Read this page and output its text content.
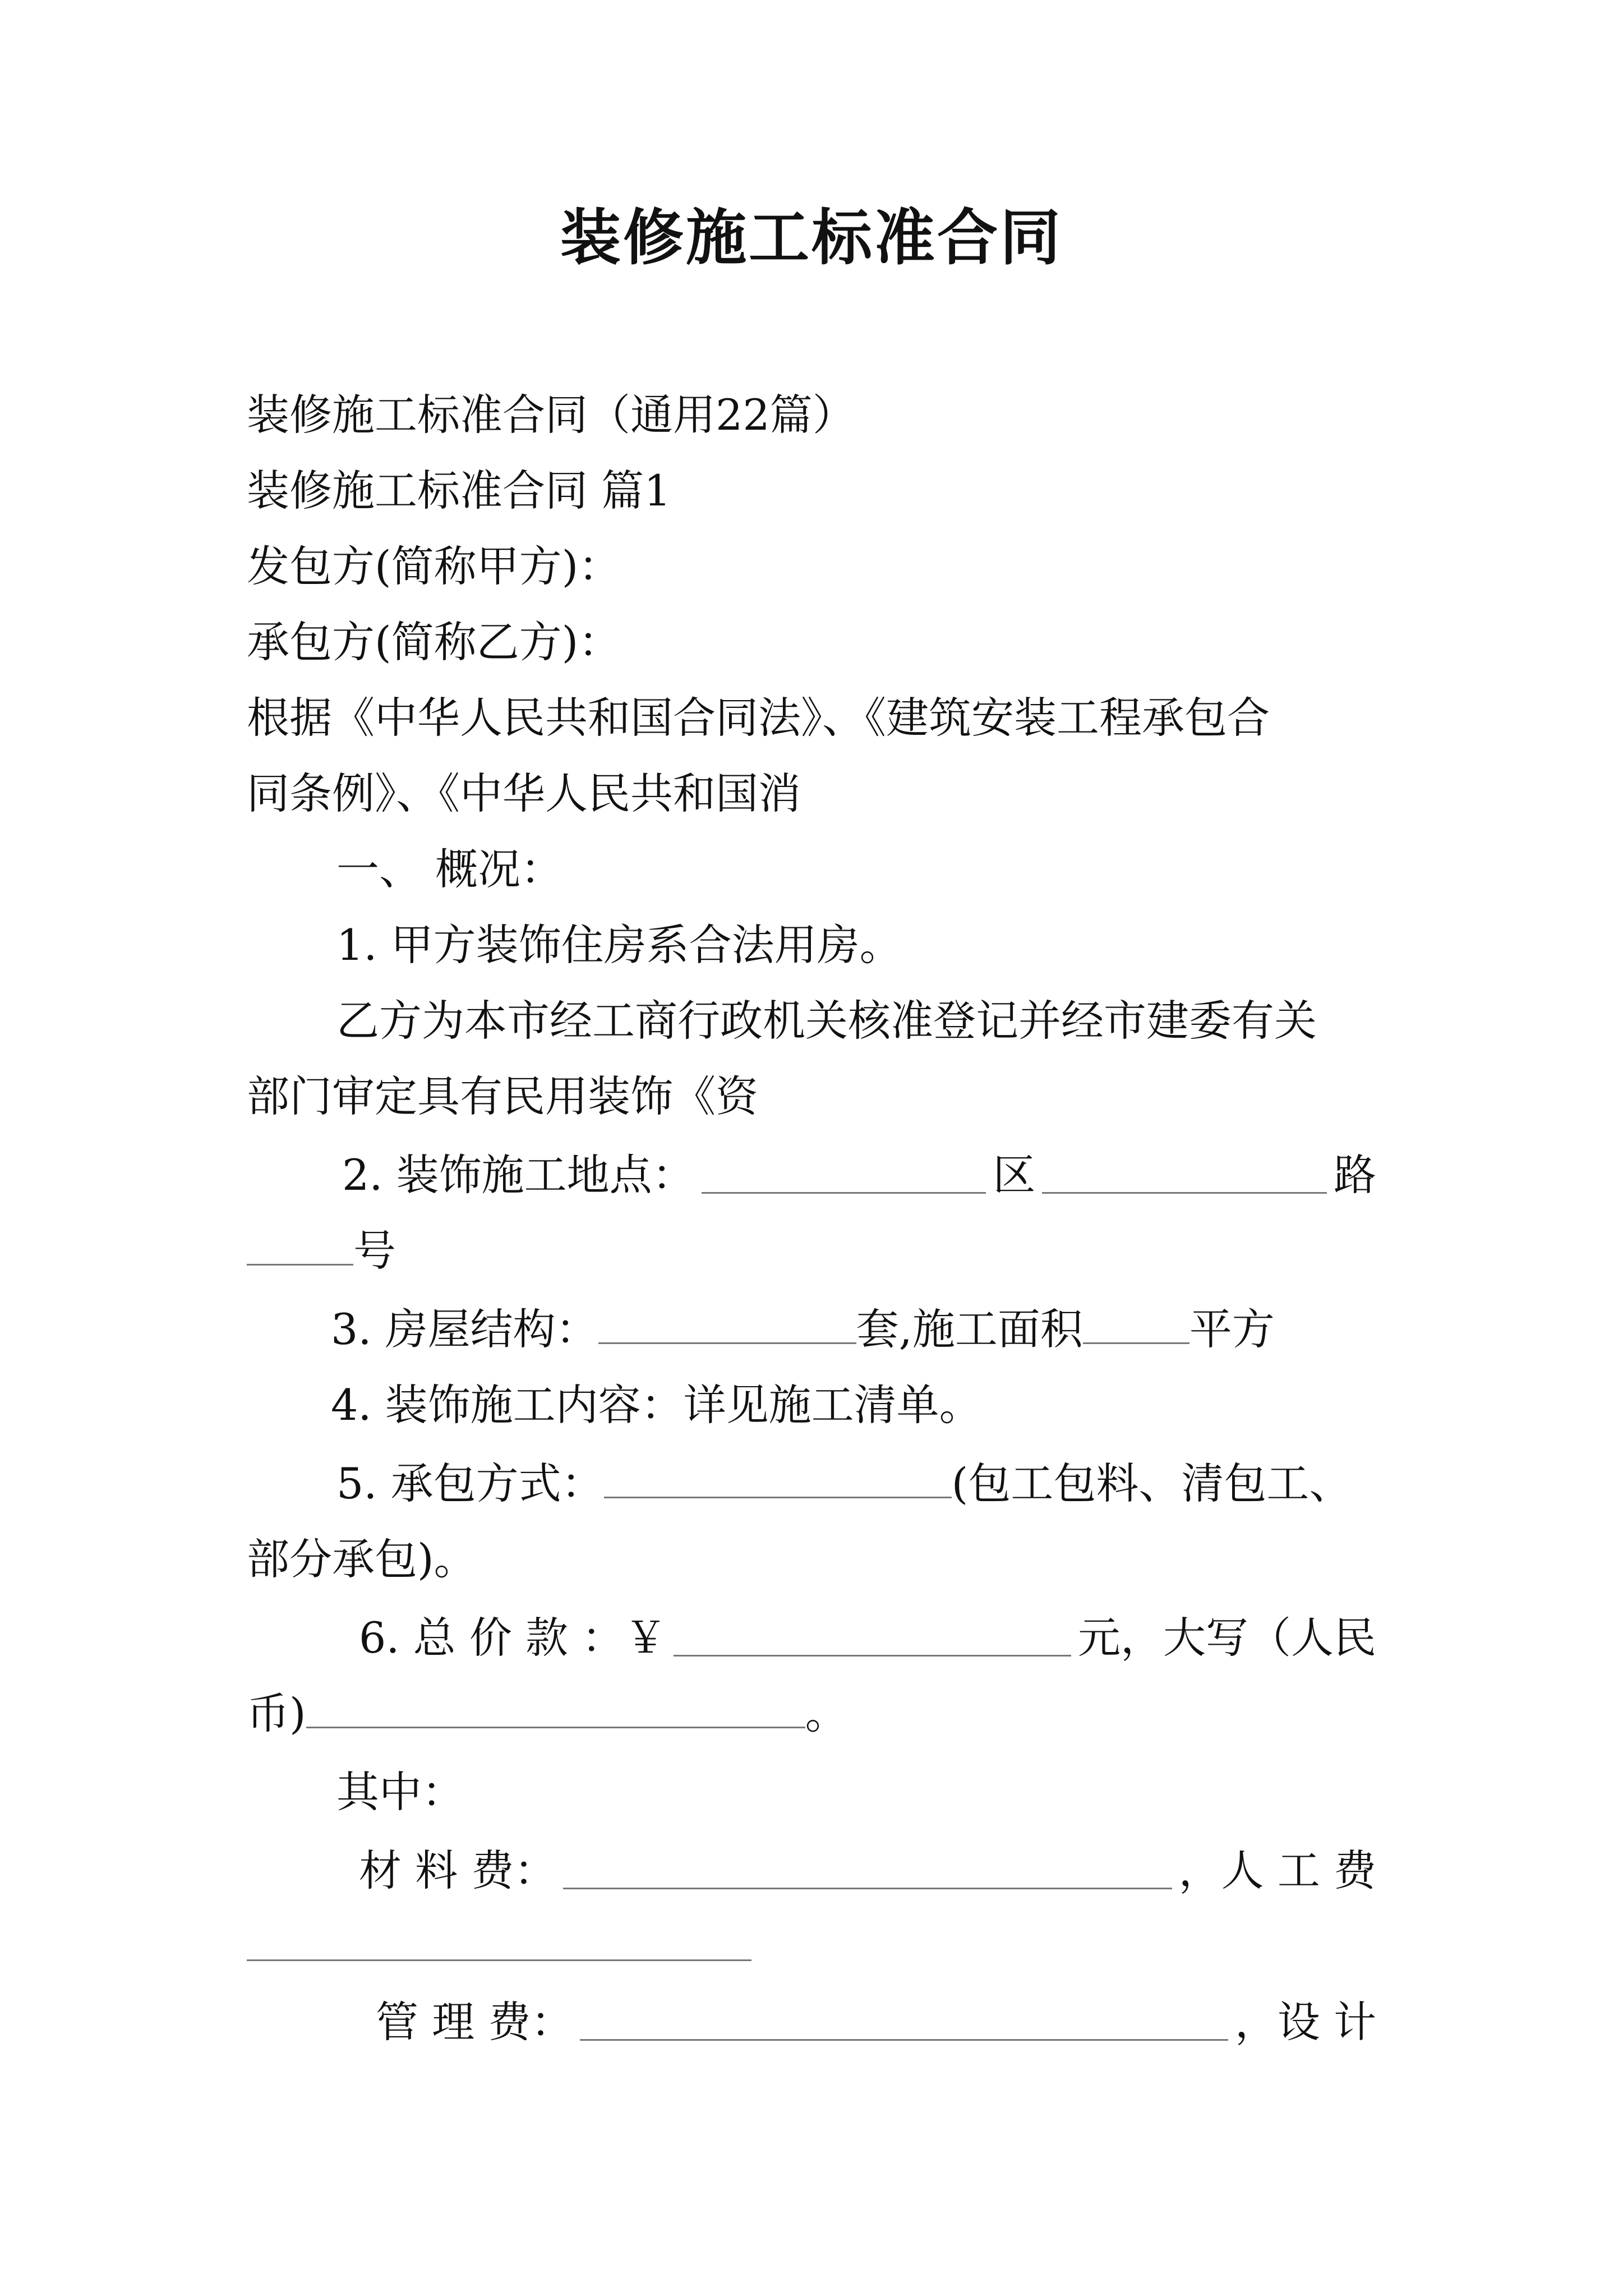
装修施工标准合同
装修施工标准合同（通用22篇）
装修施工标准合同 篇1
发包方(简称甲方)：
承包方(简称乙方)：
根据《中华人民共和国合同法》、《建筑安装工程承包合
同条例》、《中华人民共和国消
一、 概况：
1. 甲方装饰住房系合法用房。
乙方为本市经工商行政机关核准登记并经市建委有关
部门审定具有民用装饰《资
2. 装饰施工地点：	区	路
号
3. 房屋结构：	套,施工面积	平方
4. 装饰施工内容：详见施工清单。
5. 承包方式：	(包工包料、清包工、
部分承包)。
6. 总 价 款 ：￥	元，大写（人民
币)	。
其中：
材 料 费：	，人 工 费
管 理 费：	，设 计
